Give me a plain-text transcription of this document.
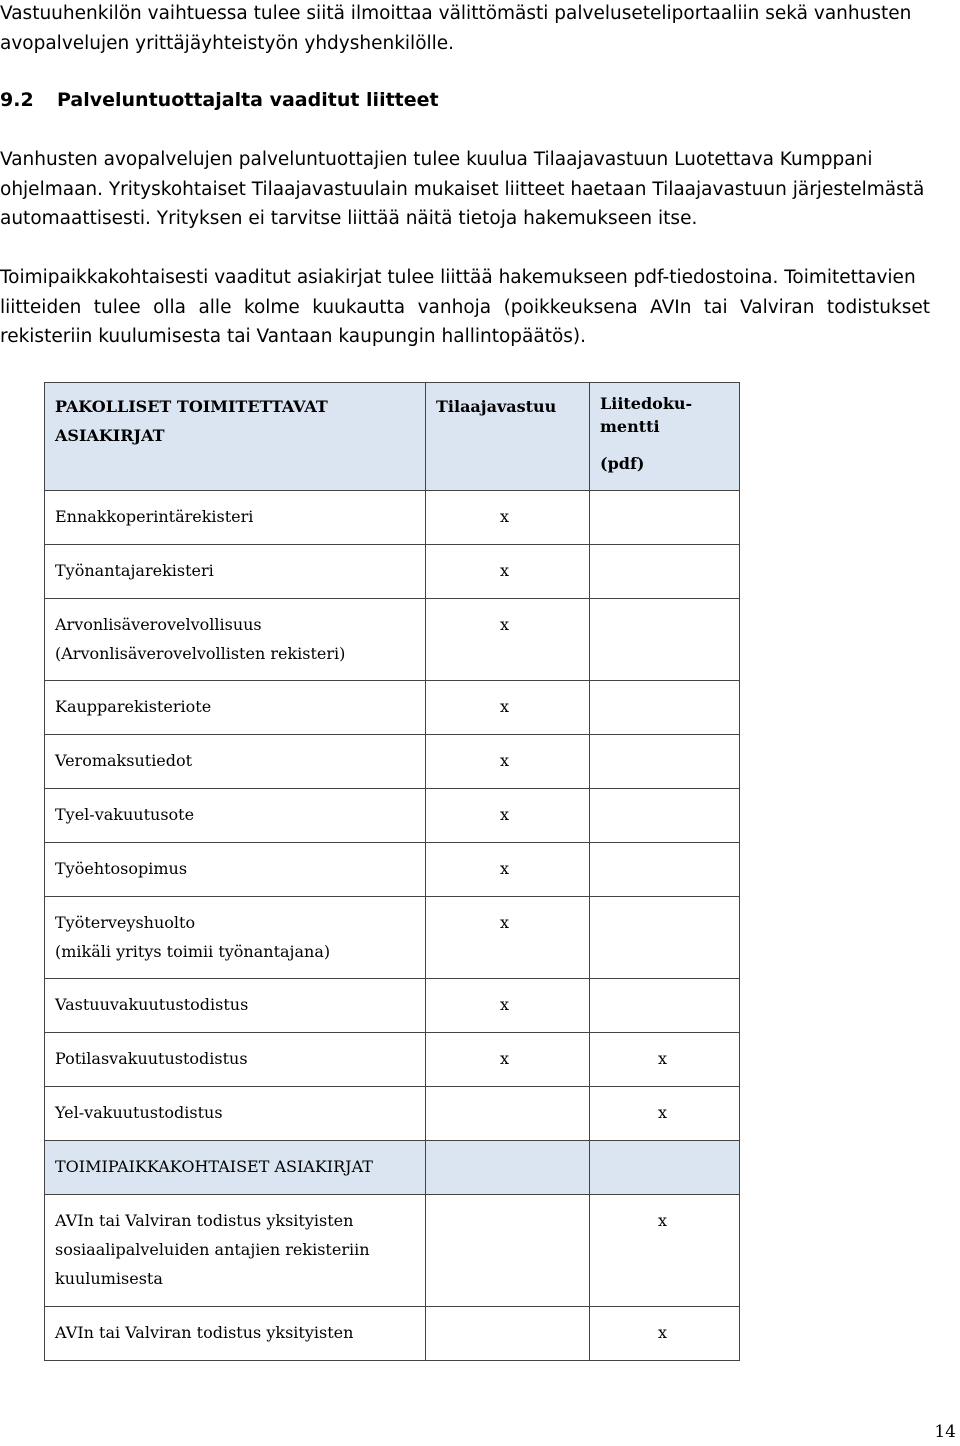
Vastuuhenkilön vaihtuessa tulee siitä ilmoittaa välittömästi palveluseteliportaaliin sekä vanhusten
avopalvelujen yrittäjäyhteistyön yhdyshenkilölle.

9.2 Palveluntuottajalta vaaditut liitteet

Vanhusten avopalvelujen palveluntuottajien tulee kuulua Tilaajavastuun Luotettava Kumppani
ohjelmaan. Yrityskohtaiset Tilaajavastuulain mukaiset liitteet haetaan Tilaajavastuun järjestelmästä
automaattisesti. Yrityksen ei tarvitse liittää näitä tietoja hakemukseen itse.

Toimipaikkakohtaisesti vaaditut asiakirjat tulee liittää hakemukseen pdf-tiedostoina. Toimitettavien

liitteiden tulee olla alle kolme kuukautta vanhoja (poikkeuksena AVIn tai Valviran todistukset
rekisteriin kuulumisesta tai Vantaan kaupungin hallintopäätös).

PAKOLLISET TOIMITETTAVAT
ASIAKIRJAT	Tilaajavastuu	Liitedoku-
mentti
(pdf)

Ennakkoperintärekisteri	x	

Työnantajarekisteri	x	

Arvonlisäverovelvollisuus
(Arvonlisäverovelvollisten rekisteri)	x	

Kaupparekisteriote	x	

Veromaksutiedot	x	

Tyel-vakuutusote	x	

Työehtosopimus	x	

Työterveyshuolto
(mikäli yritys toimii työnantajana)	x	

Vastuuvakuutustodistus	x	

Potilasvakuutustodistus	x	x

Yel-vakuutustodistus		x

TOIMIPAIKKAKOHTAISET ASIAKIRJAT		
AVIn tai Valviran todistus yksityisten
sosiaalipalveluiden antajien rekisteriin
kuulumisesta		x

AVIn tai Valviran todistus yksityisten		x
14
